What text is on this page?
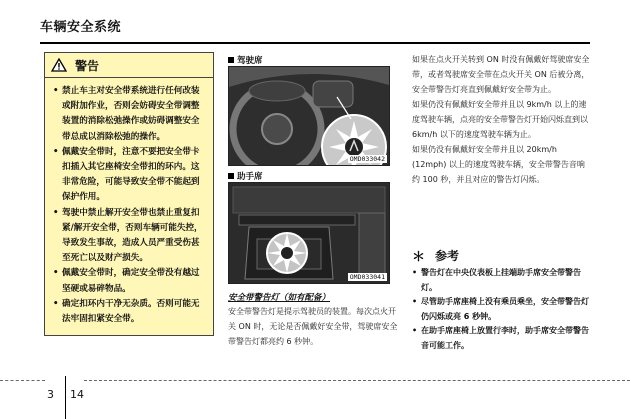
车辆安全系统
警告
• 禁止车主对安全带系统进行任何改装或附加作业，否则会妨碍安全带调整装置的消除松弛操作或妨碍调整安全带总成以消除松弛的操作。
• 佩戴安全带时，注意不要把安全带卡扣插入其它座椅安全带扣的环内。这非常危险，可能导致安全带不能起到保护作用。
• 驾驶中禁止解开安全带也禁止重复扣紧/解开安全带，否则车辆可能失控，导致发生事故，造成人员严重受伤甚至死亡以及财产损失。
• 佩戴安全带时，确定安全带没有越过坚硬或易碎物品。
• 确定扣环内干净无杂质。否则可能无法牢固扣紧安全带。
驾驶席
OMD033042
助手席
OMD033041
安全带警告灯（如有配备）
安全带警告灯是提示驾驶员的装置。每次点火开关 ON 时，无论是否佩戴好安全带，驾驶席安全带警告灯都亮约 6 秒钟。

如果在点火开关转到 ON 时没有佩戴好驾驶席安全带，或者驾驶席安全带在点火开关 ON 后被分离，安全带警告灯亮直到佩戴好安全带为止。

如果仍没有佩戴好安全带并且以 9km/h 以上的速度驾驶车辆，点亮的安全带警告灯开始闪烁直到以 6km/h 以下的速度驾驶车辆为止。

如果仍没有佩戴好安全带并且以 20km/h (12mph) 以上的速度驾驶车辆，安全带警告音响约 100 秒，并且对应的警告灯闪烁。

＊ 参考
• 警告灯在中央仪表板上挂端助手席安全带警告灯。
• 尽管助手席座椅上没有乘员乘坐，安全带警告灯仍闪烁或亮 6 秒钟。
• 在助手席座椅上放置行李时，助手席安全带警告音可能工作。
3 14
